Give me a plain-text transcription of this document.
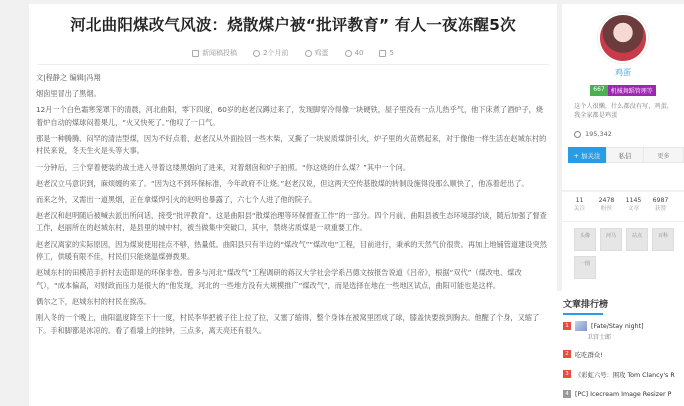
河北曲阳煤改气风波：烧散煤户被“批评教育” 有人一夜冻醒5次
新闻稿投稿	2个月前	鸡蛋	40	5

文|程静之 编辑|冯翔

烟囱里冒出了黑烟。

12月一个白色霜寒笼罩下的清晨，河北曲阳，零下四度，60岁的赵老汉蹲过来了，发现脚穿冷得像一块硬铁，屋子里没有一点儿热乎气，他下床煮了酒炉子，烧着炉自动的煤球闷着果儿，“火又快死了。”他叹了一口气。

那是一种腾腾、闷罕的清洁型煤，因为不好点着，赵老汉从外面捡回一些木柴，又撕了一块炭质煤饼引火，炉子里的火苗燃起来，对于像他一样生活在赵城东村的村民来说，冬天生火是头等大事。

一分钟后，三个穿着便装的战士进入寻着这缕黑烟向了进来，对着烟囱和炉子拍照。“你这烧的什么煤？”其中一个问。

赵老汉立马意识到，麻烦缠的来了。“因为这不到环保标准，今年政府不让烧。”赵老汉说，但这两天空传基散煤的转制设施得没那么顺快了，他冻着赶出了。

而来之外，又需出一道黑烟，正在拿煤焊引火的赵明也暴露了，六七个人进了他的院子。

赵老汉和赵明随后被喊去派出所问话，接受“批评教育”。这是曲阳县“散煤治理等环保督查工作”的一部分。四个月前，曲阳县被生态环境部约谈，随后加强了督查工作，赵丽所在的赵城东村，是县里的城中村，被当做集中突破口，其中，禁烧劣质煤是一项重要工作。

赵老汉离家的实际原因，因为煤炭使用挂点不够，热量低。曲阳县只有半边的“煤改气”“煤改电”工程，目前进行，秉承的天然气价很贵。再加上地铺管道建设突然停工，供暖有限不佳，村民们只能烧温煤弹拨果。

赵城东村的田模范手折村去造即是的环保非卷。曾多与河北“煤改气”工程调研的蒋汉大学社会学系吕德文按报告说道《吕帝》，根据“双代”（煤改电、煤改气），“成本偏高，对财政而压力是很大的”他发现，河北的一些地方没有大规模推广“煤改气”，而是选择在地在一些地区试点，曲阳可能也是这样。

偶尔之下，赵城东村的村民在挨冻。

刚入冬的一个晚上，曲阳温度降至下十一度，村民李华把被子往上拉了拉，又塞了缩得，整个身体在被窝里团成了球，膝盖快要挨到胸去。他醒了个身，又缩了下。手和脚都是冰凉的。看了看墙上的挂钟，三点多，离天亮还有很久。

鸡蛋
667	机械舞蹈管理等
这个人很懒，什么都没有写，鸡蛋，我全家都是鸡蛋
195,342
+ 加关注	私信	更多
11
关注
2478
粉丝
1145
文章
6987
获赞
头像	河马	站点	百科
一图
文章排行榜
1	[Fate/Stay night]
卫宫士郎
2 吃吃群众!
3 《彩虹六号：围攻 Tom Clancy's R
4 [PC] Icecream Image Resizer P
